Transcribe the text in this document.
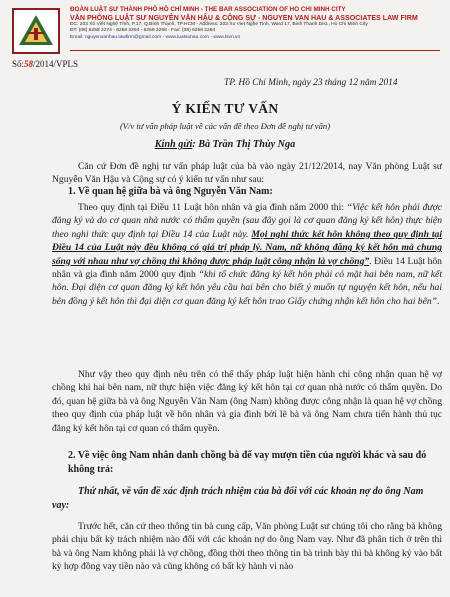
ĐOÀN LUẬT SƯ THÀNH PHỐ HỒ CHÍ MINH - THE BAR ASSOCIATION OF HO CHI MINH CITY
VĂN PHÒNG LUẬT SƯ NGUYỄN VĂN HẬU & CỘNG SỰ - NGUYEN VAN HAU & ASSOCIATES LAW FIRM
ĐC: 203 Xô Viết Nghệ Tĩnh, P.17, Q.Bình Thạnh, TP.HCM - Address: 203 Xo Viet Nghe Tinh, Ward 17, Binh Thanh Dist., Ho Chi Minh City
ĐT: (08) 6258 2274 - 6258 2294 - 6258 2266 - Fax: (08) 6258 2264
Email: nguyenvanhau.lawfirm@gmail.com - www.luatsuhau.com - www.lsvn.vn
Số:58/2014/VPLS
TP. Hồ Chí Minh, ngày 23 tháng 12 năm 2014
Ý KIẾN TƯ VẤN
(V/v tư vấn pháp luật về các vấn đề theo Đơn đề nghị tư vấn)
Kính gửi: Bà Trần Thị Thùy Nga
Căn cứ Đơn đề nghị tư vấn pháp luật của bà vào ngày 21/12/2014, nay Văn phòng Luật sư Nguyễn Văn Hậu và Cộng sự có ý kiến tư vấn như sau:
1. Về quan hệ giữa bà và ông Nguyễn Văn Nam:
Theo quy định tại Điều 11 Luật hôn nhân và gia đình năm 2000 thì: “Việc kết hôn phải được đăng ký và do cơ quan nhà nước có thẩm quyền (sau đây gọi là cơ quan đăng ký kết hôn) thực hiện theo nghi thức quy định tại Điều 14 của Luật này. Mọi nghi thức kết hôn không theo quy định tại Điều 14 của Luật này đều không có giá trị pháp lý. Nam, nữ không đăng ký kết hôn mà chung sống với nhau như vợ chồng thì không được pháp luật công nhận là vợ chồng”. Điều 14 Luật hôn nhân và gia đình năm 2000 quy định “khi tổ chức đăng ký kết hôn phải có mặt hai bên nam, nữ kết hôn. Đại diện cơ quan đăng ký kết hôn yêu cầu hai bên cho biết ý muốn tự nguyện kết hôn, nếu hai bên đồng ý kết hôn thì đại diện cơ quan đăng ký kết hôn trao Giấy chứng nhận kết hôn cho hai bên”.
Như vậy theo quy định nêu trên có thể thấy pháp luật hiện hành chỉ công nhận quan hệ vợ chồng khi hai bên nam, nữ thực hiện việc đăng ký kết hôn tại cơ quan nhà nước có thẩm quyền. Do đó, quan hệ giữa bà và ông Nguyễn Văn Nam (ông Nam) không được công nhận là quan hệ vợ chồng theo quy định của pháp luật về hôn nhân và gia đình bởi lẽ bà và ông Nam chưa tiến hành thủ tục đăng ký kết hôn tại cơ quan có thẩm quyền.
2. Về việc ông Nam nhân danh chồng bà để vay mượn tiền của người khác và sau đó không trả:
Thứ nhất, về vấn đề xác định trách nhiệm của bà đối với các khoản nợ do ông Nam vay:
Trước hết, căn cứ theo thông tin bà cung cấp, Văn phòng Luật sư chúng tôi cho rằng bà không phải chịu bất kỳ trách nhiệm nào đối với các khoản nợ do ông Nam vay. Như đã phân tích ở trên thì bà và ông Nam không phải là vợ chồng, đồng thời theo thông tin bà trình bày thì bà không ký vào bất kỳ hợp đồng vay tiền nào và cũng không có bất kỳ hành vi nào
